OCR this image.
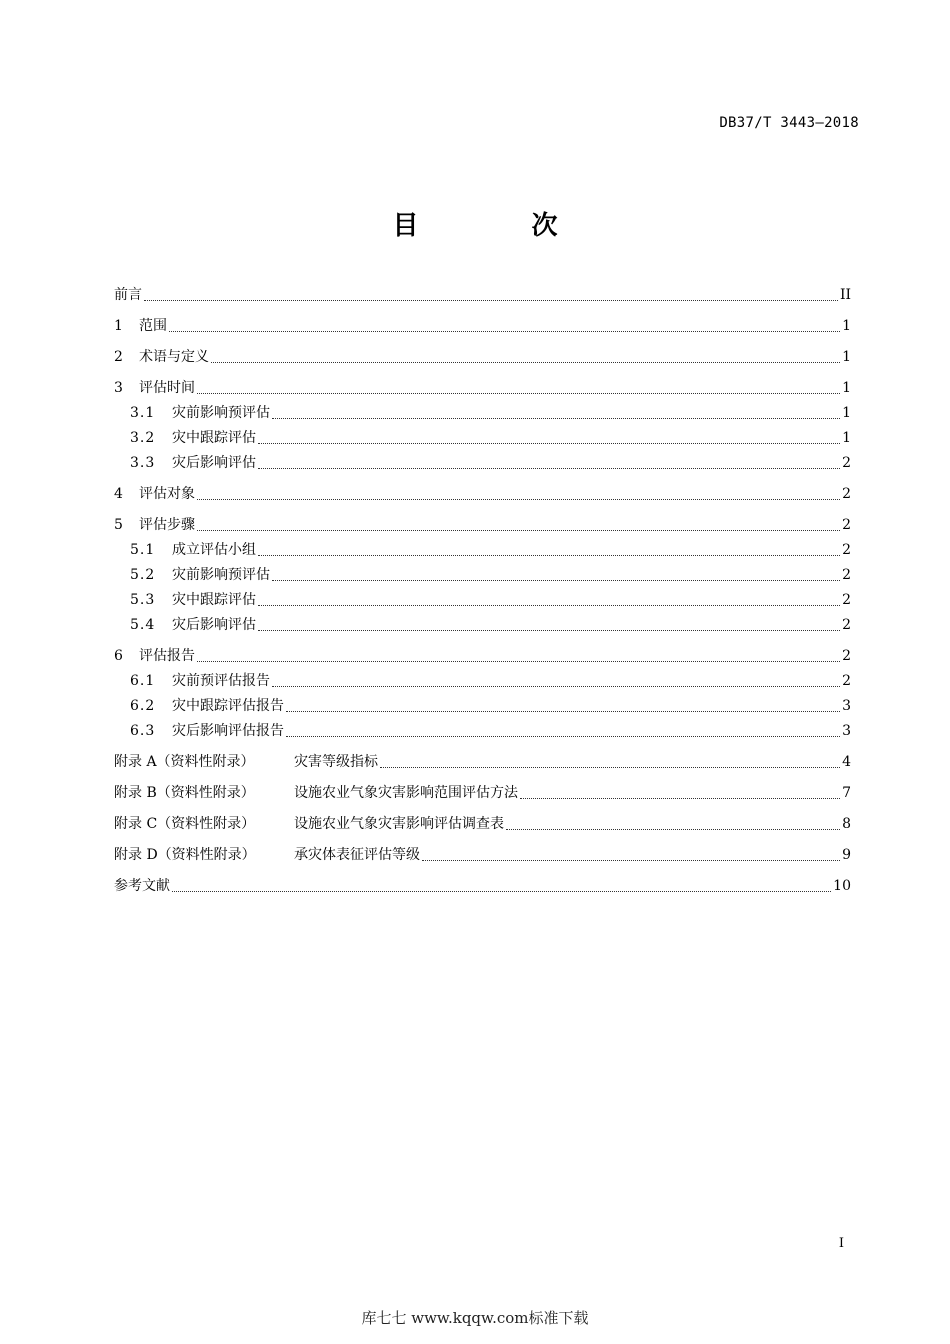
DB37/T 3443—2018
目 次
前言	II
1	范围	1
2	术语与定义	1
3	评估时间	1
3.1	灾前影响预评估	1
3.2	灾中跟踪评估	1
3.3	灾后影响评估	2
4	评估对象	2
5	评估步骤	2
5.1	成立评估小组	2
5.2	灾前影响预评估	2
5.3	灾中跟踪评估	2
5.4	灾后影响评估	2
6	评估报告	2
6.1	灾前预评估报告	2
6.2	灾中跟踪评估报告	3
6.3	灾后影响评估报告	3
附录 A（资料性附录）	灾害等级指标	4
附录 B（资料性附录）	设施农业气象灾害影响范围评估方法	7
附录 C（资料性附录）	设施农业气象灾害影响评估调查表	8
附录 D（资料性附录）	承灾体表征评估等级	9
参考文献	10
I
库七七 www.kqqw.com标准下载
